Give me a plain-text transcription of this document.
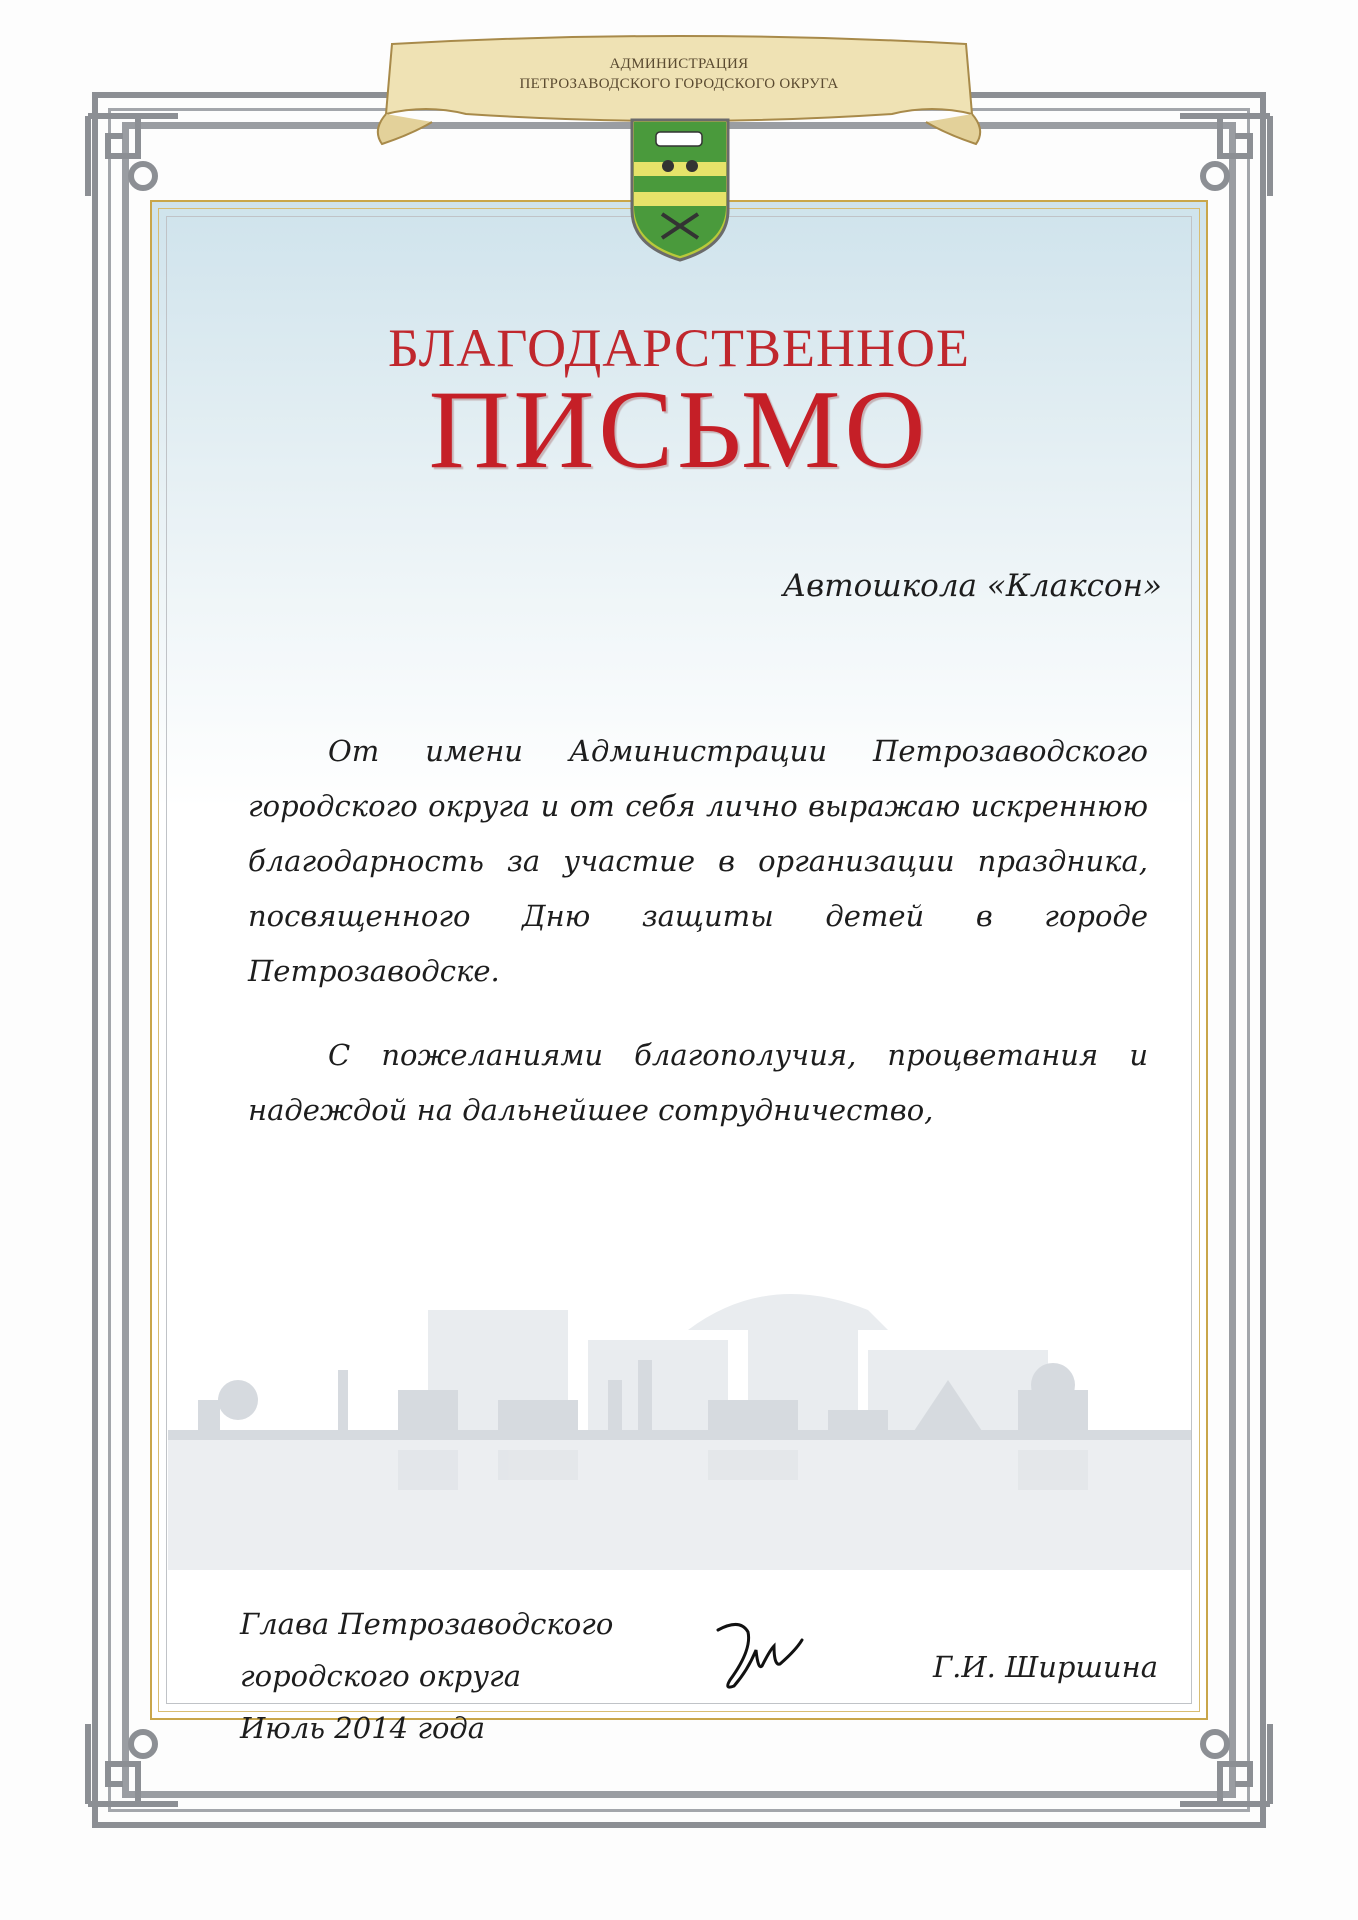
АДМИНИСТРАЦИЯ
ПЕТРОЗАВОДСКОГО ГОРОДСКОГО ОКРУГА
БЛАГОДАРСТВЕННОЕ
ПИСЬМО
Автошкола «Клаксон»
От имени Администрации Петрозаводского городского округа и от себя лично выражаю искреннюю благодарность за участие в организации праздника, посвященного Дню защиты детей в городе Петрозаводске.
С пожеланиями благополучия, процветания и надеждой на дальнейшее сотрудничество,
Глава Петрозаводского
городского округа
Июль 2014 года
Г.И. Ширшина
